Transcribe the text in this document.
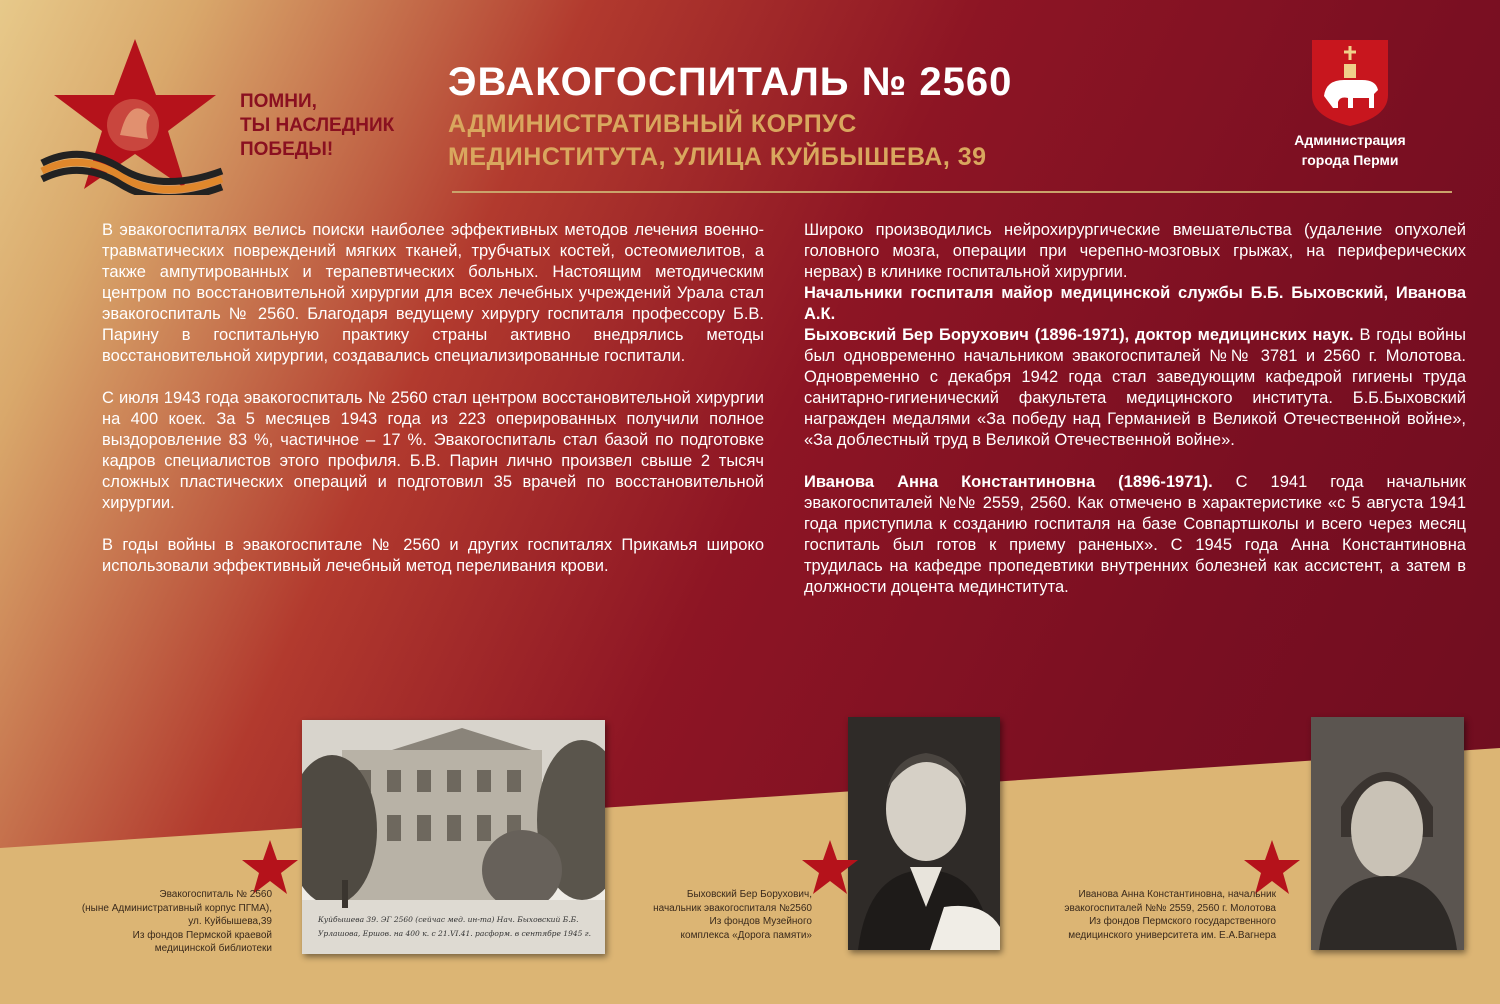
ПОМНИ,
ТЫ НАСЛЕДНИК
ПОБЕДЫ!
ЭВАКОГОСПИТАЛЬ № 2560
АДМИНИСТРАТИВНЫЙ КОРПУС
МЕДИНСТИТУТА, УЛИЦА КУЙБЫШЕВА, 39
Администрация
города Перми

В эвакогоспиталях велись поиски наиболее эффективных методов лечения военно-травматических повреждений мягких тканей, трубчатых костей, остеомиелитов, а также ампутированных и терапевтических больных. Настоящим методическим центром по восстановительной хирургии для всех лечебных учреждений Урала стал эвакогоспиталь № 2560. Благодаря ведущему хирургу госпиталя профессору Б.В. Парину в госпитальную практику страны активно внедрялись методы восстановительной хирургии, создавались специализированные госпитали.

С июля 1943 года эвакогоспиталь № 2560 стал центром восстановительной хирургии на 400 коек. За 5 месяцев 1943 года из 223 оперированных получили полное выздоровление 83 %, частичное – 17 %. Эвакогоспиталь стал базой по подготовке кадров специалистов этого профиля. Б.В. Парин лично произвел свыше 2 тысяч сложных пластических операций и подготовил 35 врачей по восстановительной хирургии.

В годы войны в эвакогоспитале № 2560 и других госпиталях Прикамья широко использовали эффективный лечебный метод переливания крови.

Широко производились нейрохирургические вмешательства (удаление опухолей головного мозга, операции при черепно-мозговых грыжах, на периферических нервах) в клинике госпитальной хирургии.

Начальники госпиталя майор медицинской службы Б.Б. Быховский, Иванова А.К.

Быховский Бер Борухович (1896-1971), доктор медицинских наук. В годы войны был одновременно начальником эвакогоспиталей №№ 3781 и 2560 г. Молотова. Одновременно с декабря 1942 года стал заведующим кафедрой гигиены труда санитарно-гигиенический факультета медицинского института. Б.Б.Быховский награжден медалями «За победу над Германией в Великой Отечественной войне», «За доблестный труд в Великой Отечественной войне».

Иванова Анна Константиновна (1896-1971). С 1941 года начальник эвакогоспиталей №№ 2559, 2560. Как отмечено в характеристике «с 5 августа 1941 года приступила к созданию госпиталя на базе Совпартшколы и всего через месяц госпиталь был готов к приему раненых». С 1945 года Анна Константиновна трудилась на кафедре пропедевтики внутренних болезней как ассистент, а затем в должности доцента мединститута.

Куйбышева 39. ЭГ 2560 (сейчас мед. ин-та) Нач. Быховский Б.Б.
Урлашова, Ершов. на 400 к. с 21.VI.41. расформ. в сентябре 1945 г.
Эвакогоспиталь № 2560
(ныне Административный корпус ПГМА),
ул. Куйбышева,39
Из фондов Пермской краевой
медицинской библиотеки
Быховский Бер Борухович,
начальник эвакогоспиталя №2560
Из фондов Музейного
комплекса «Дорога памяти»
Иванова Анна Константиновна, начальник
эвакогоспиталей №№ 2559, 2560 г. Молотова
Из фондов Пермского государственного
медицинского университета им. Е.А.Вагнера
